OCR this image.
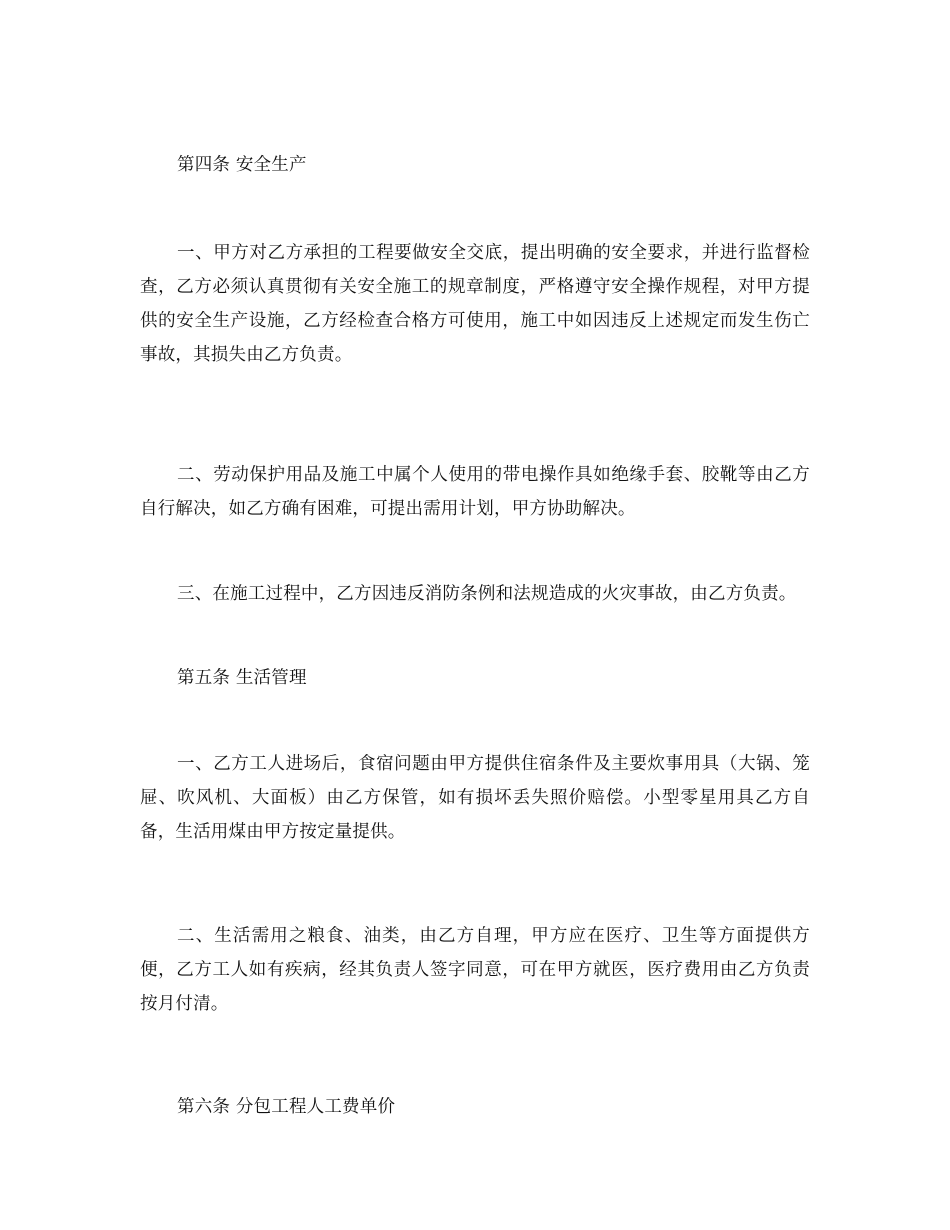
第四条 安全生产
一、甲方对乙方承担的工程要做安全交底，提出明确的安全要求，并进行监督检查，乙方必须认真贯彻有关安全施工的规章制度，严格遵守安全操作规程，对甲方提供的安全生产设施，乙方经检查合格方可使用，施工中如因违反上述规定而发生伤亡事故，其损失由乙方负责。
二、劳动保护用品及施工中属个人使用的带电操作具如绝缘手套、胶靴等由乙方自行解决，如乙方确有困难，可提出需用计划，甲方协助解决。
三、在施工过程中，乙方因违反消防条例和法规造成的火灾事故，由乙方负责。
第五条 生活管理
一、乙方工人进场后，食宿问题由甲方提供住宿条件及主要炊事用具（大锅、笼屉、吹风机、大面板）由乙方保管，如有损坏丢失照价赔偿。小型零星用具乙方自备，生活用煤由甲方按定量提供。
二、生活需用之粮食、油类，由乙方自理，甲方应在医疗、卫生等方面提供方便，乙方工人如有疾病，经其负责人签字同意，可在甲方就医，医疗费用由乙方负责按月付清。
第六条 分包工程人工费单价
